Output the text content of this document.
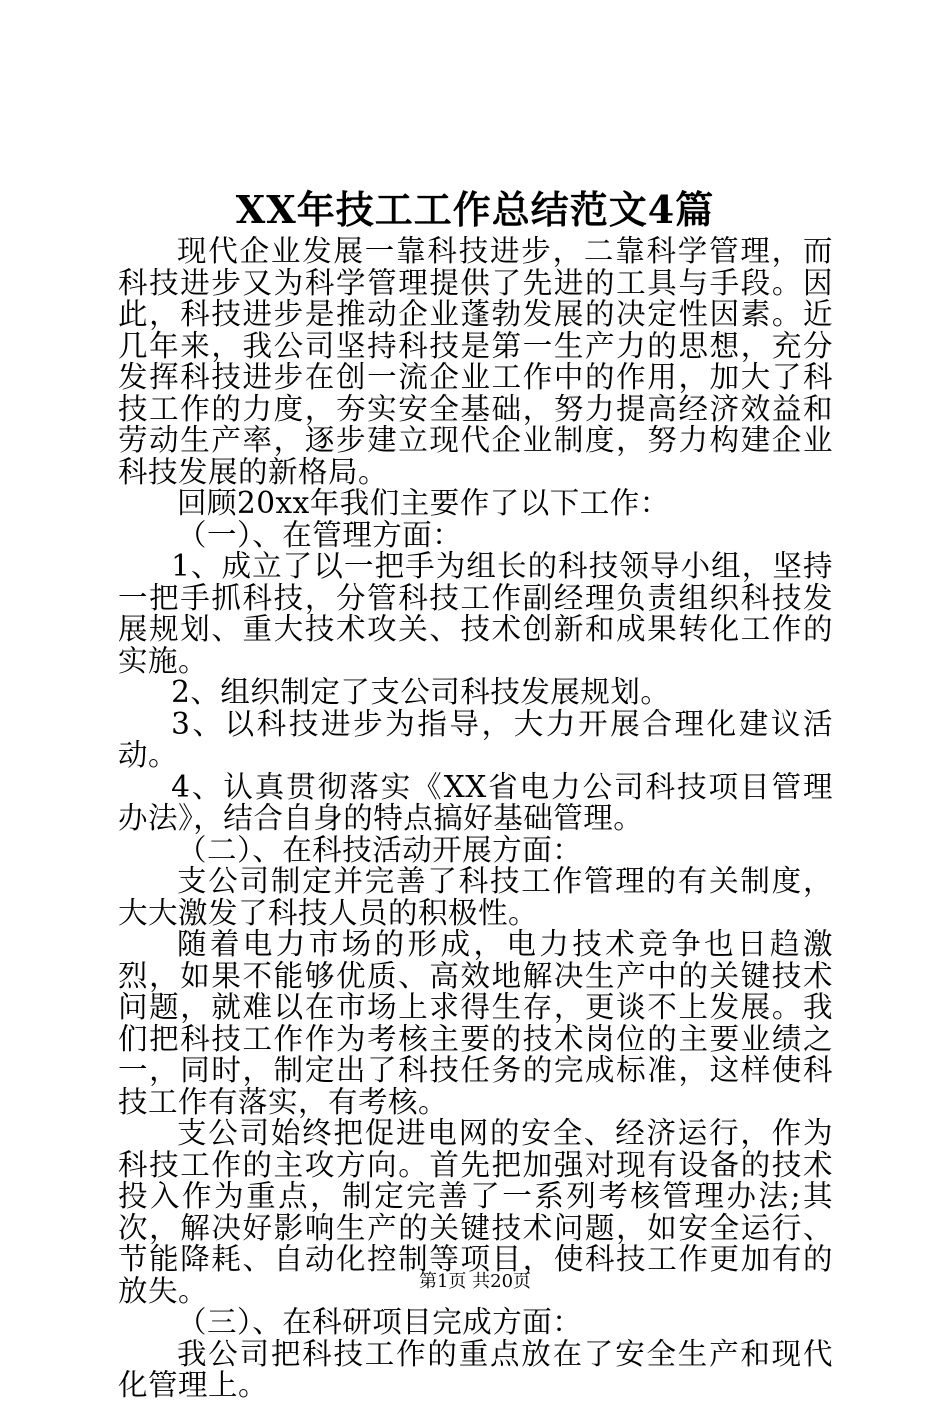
XX年技工工作总结范文4篇

现代企业发展一靠科技进步，二靠科学管理，而科技进步又为科学管理提供了先进的工具与手段。因此，科技进步是推动企业蓬勃发展的决定性因素。近几年来，我公司坚持科技是第一生产力的思想，充分发挥科技进步在创一流企业工作中的作用，加大了科技工作的力度，夯实安全基础，努力提高经济效益和劳动生产率，逐步建立现代企业制度，努力构建企业科技发展的新格局。

回顾20xx年我们主要作了以下工作：

（一）、在管理方面：

1、成立了以一把手为组长的科技领导小组，坚持一把手抓科技，分管科技工作副经理负责组织科技发展规划、重大技术攻关、技术创新和成果转化工作的实施。

2、组织制定了支公司科技发展规划。

3、以科技进步为指导，大力开展合理化建议活动。

4、认真贯彻落实《XX省电力公司科技项目管理办法》，结合自身的特点搞好基础管理。

（二）、在科技活动开展方面：

支公司制定并完善了科技工作管理的有关制度，大大激发了科技人员的积极性。

随着电力市场的形成，电力技术竞争也日趋激烈，如果不能够优质、高效地解决生产中的关键技术问题，就难以在市场上求得生存，更谈不上发展。我们把科技工作作为考核主要的技术岗位的主要业绩之一，同时，制定出了科技任务的完成标准，这样使科技工作有落实，有考核。

支公司始终把促进电网的安全、经济运行，作为科技工作的主攻方向。首先把加强对现有设备的技术投入作为重点，制定完善了一系列考核管理办法;其次，解决好影响生产的关键技术问题，如安全运行、节能降耗、自动化控制等项目，使科技工作更加有的放失。

（三）、在科研项目完成方面：

我公司把科技工作的重点放在了安全生产和现代化管理上。

第1页 共20页
